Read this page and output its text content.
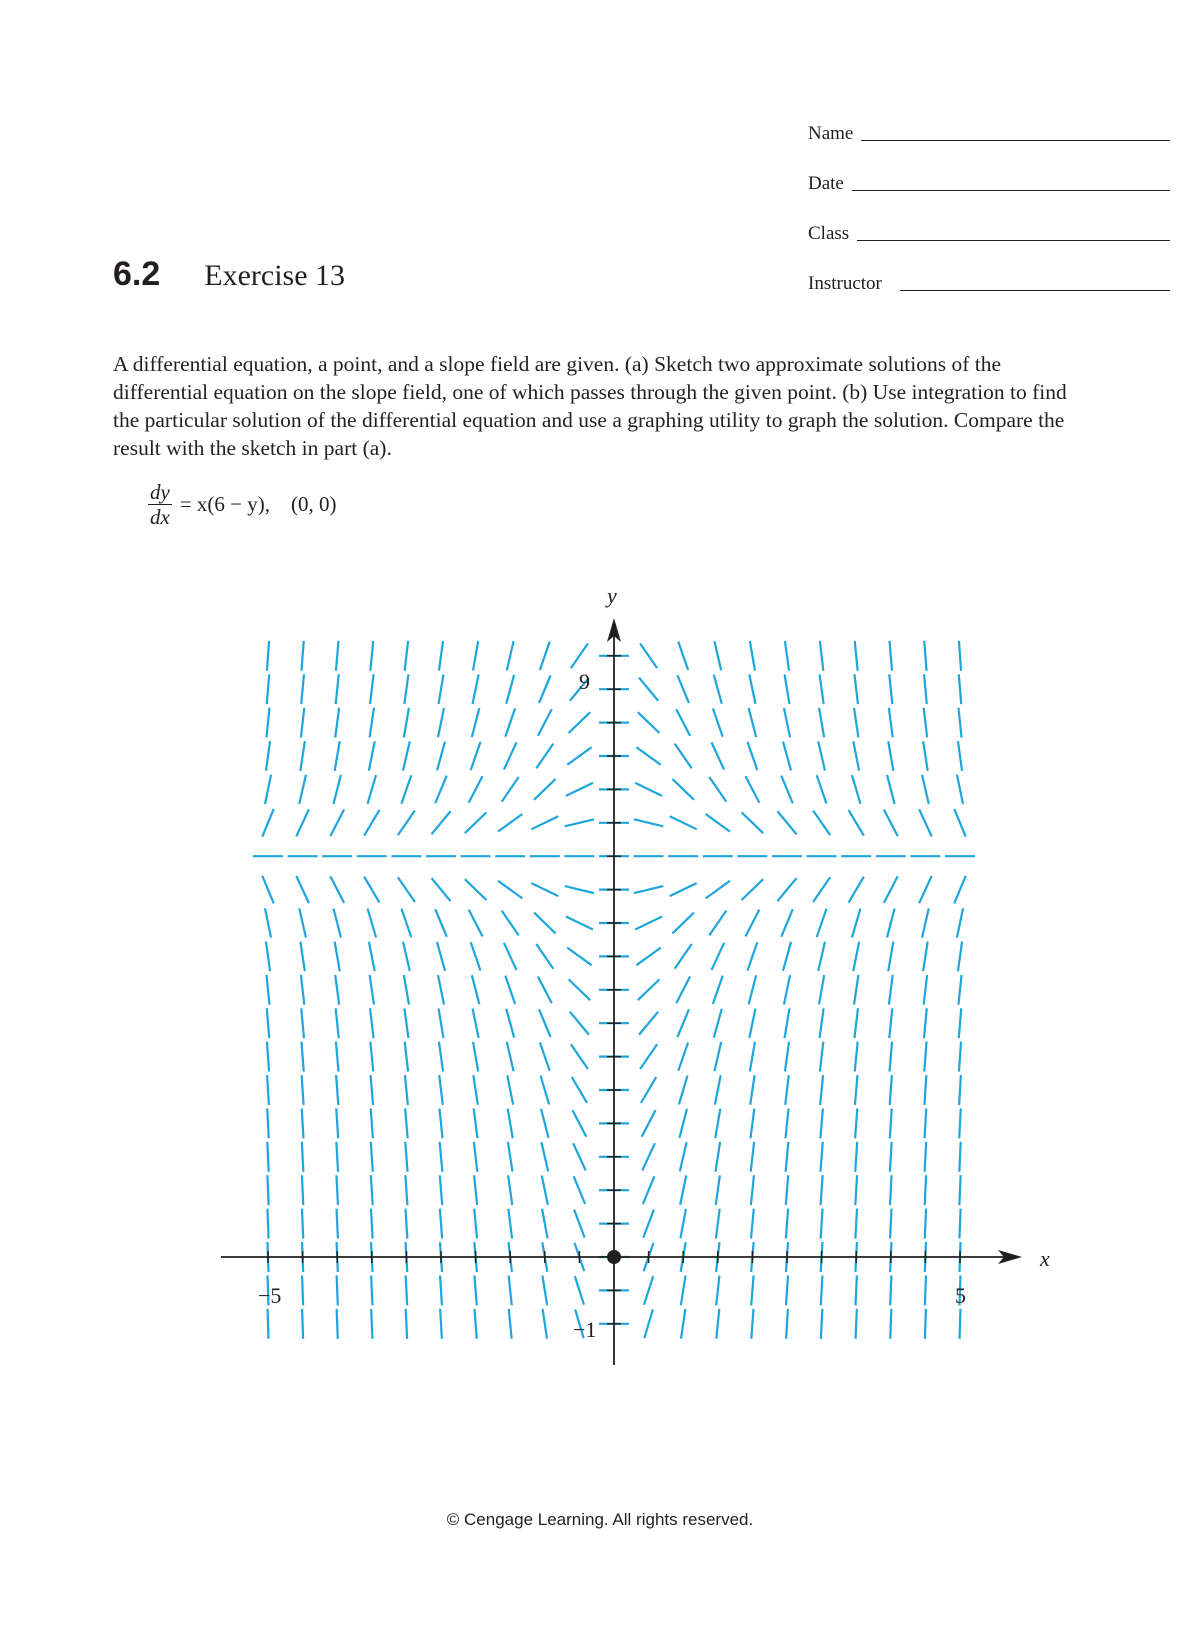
Name
Date
Class
Instructor
6.2 Exercise 13

A differential equation, a point, and a slope field are given. (a) Sketch two approximate solutions of the differential equation on the slope field, one of which passes through the given point. (b) Use integration to find the particular solution of the differential equation and use a graphing utility to graph the solution. Compare the result with the sketch in part (a).

$\frac{dy}{dx} = x(6 - y)$,    (0, 0)
x
y
−5	5
−1
9
© Cengage Learning. All rights reserved.
